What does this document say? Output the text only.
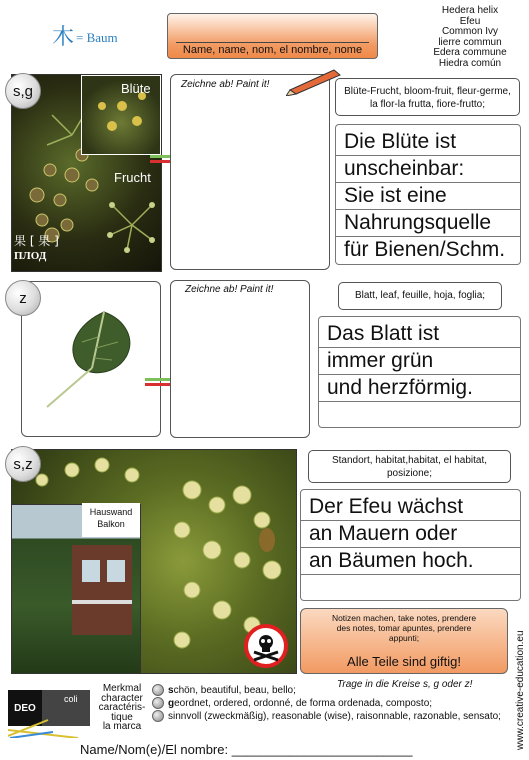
木 = Baum
Name, name, nom, el nombre, nome
Hedera helix
Efeu
Common Ivy
lierre commun
Edera commune
Hiedra común
Blüte
Frucht
果 [ 果 ]
ПЛОД
s,g	Zeichne ab! Paint it!
Blüte-Frucht, bloom-fruit, fleur-germe, la flor-la frutta, fiore-frutto;
Die Blüte ist
unscheinbar:
Sie ist eine
Nahrungsquelle
für Bienen/Schm.
z	Zeichne ab! Paint it!
Blatt, leaf, feuille, hoja, foglia;
Das Blatt ist
immer grün
und herzförmig.
Hauswand
Balkon
s,z	Standort, habitat,habitat, el habitat, posizione;
Der Efeu wächst
an Mauern oder
an Bäumen hoch.
Notizen machen, take notes, prendere des notes, tomar apuntes, prendere appunti;
Alle Teile sind giftig!
Trage in die Kreise s, g oder z!
DEO
coli
Merkmal
character
caractéris-
tique
la marca
schön, beautiful, beau, bello;
geordnet, ordered, ordonné, de forma ordenada, composto;
sinnvoll (zweckmäßig), reasonable (wise), raisonnable, razonable, sensato;
Name/Nom(e)/El nombre: _________________________	www.creative-education.eu
